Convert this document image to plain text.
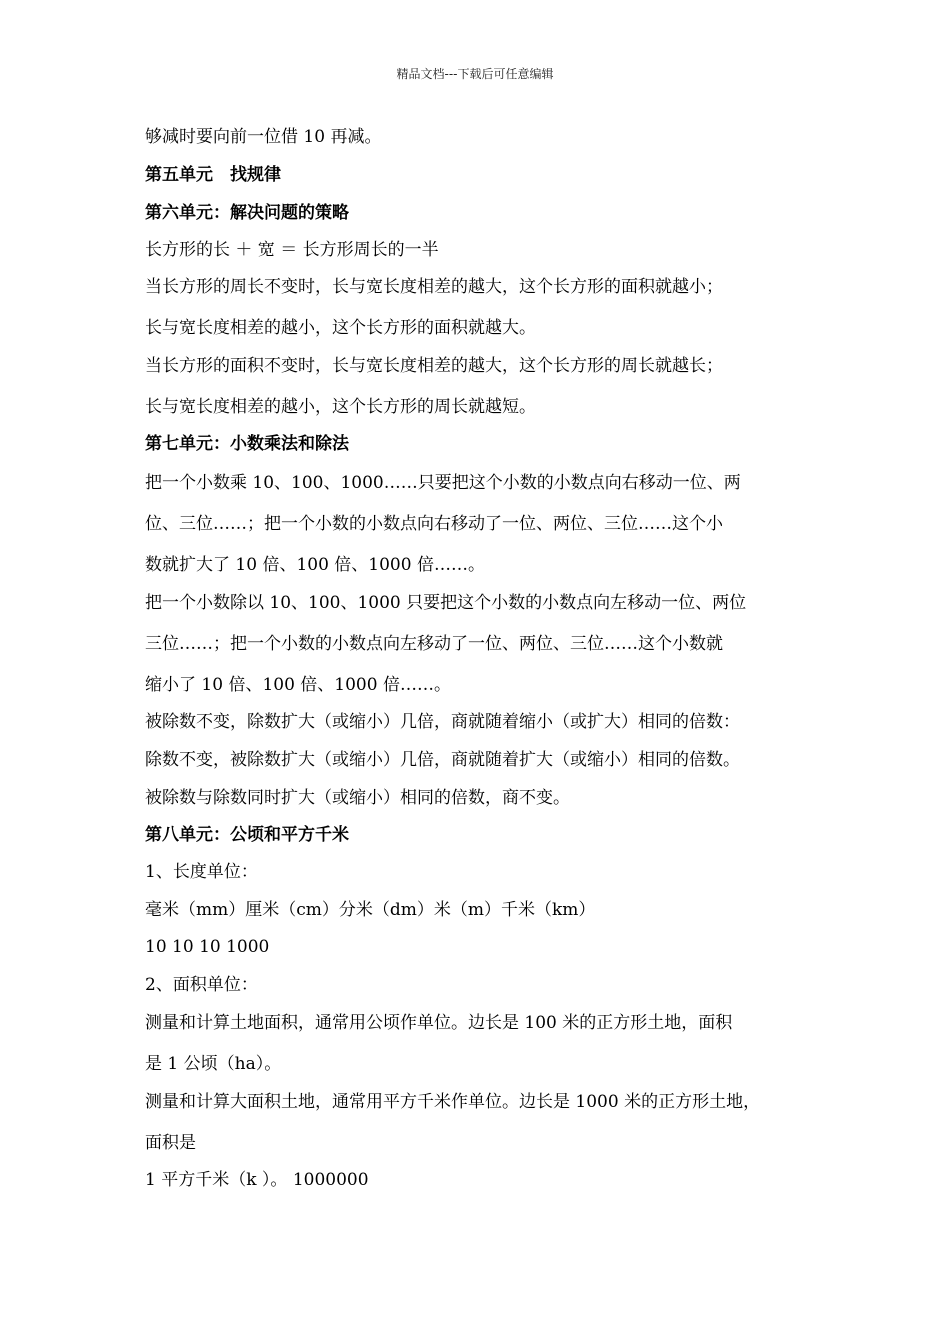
精品文档---下载后可任意编辑
够减时要向前一位借 10 再减。
第五单元　找规律
第六单元：解决问题的策略
长方形的长 ＋ 宽 ＝ 长方形周长的一半
当长方形的周长不变时，长与宽长度相差的越大，这个长方形的面积就越小；
长与宽长度相差的越小，这个长方形的面积就越大。
当长方形的面积不变时，长与宽长度相差的越大，这个长方形的周长就越长；
长与宽长度相差的越小，这个长方形的周长就越短。
第七单元：小数乘法和除法
把一个小数乘 10、100、1000……只要把这个小数的小数点向右移动一位、两
位、三位……；把一个小数的小数点向右移动了一位、两位、三位……这个小
数就扩大了 10 倍、100 倍、1000 倍……。
把一个小数除以 10、100、1000 只要把这个小数的小数点向左移动一位、两位
三位……；把一个小数的小数点向左移动了一位、两位、三位……这个小数就
缩小了 10 倍、100 倍、1000 倍……。
被除数不变，除数扩大（或缩小）几倍，商就随着缩小（或扩大）相同的倍数：
除数不变，被除数扩大（或缩小）几倍，商就随着扩大（或缩小）相同的倍数。
被除数与除数同时扩大（或缩小）相同的倍数，商不变。
第八单元：公顷和平方千米
1、长度单位：
毫米（mm）厘米（cm）分米（dm）米（m）千米（km）
10 10 10 1000
2、面积单位：
测量和计算土地面积，通常用公顷作单位。边长是 100 米的正方形土地，面积
是 1 公顷（ha）。
测量和计算大面积土地，通常用平方千米作单位。边长是 1000 米的正方形土地，
面积是
1 平方千米（k ）。 1000000
